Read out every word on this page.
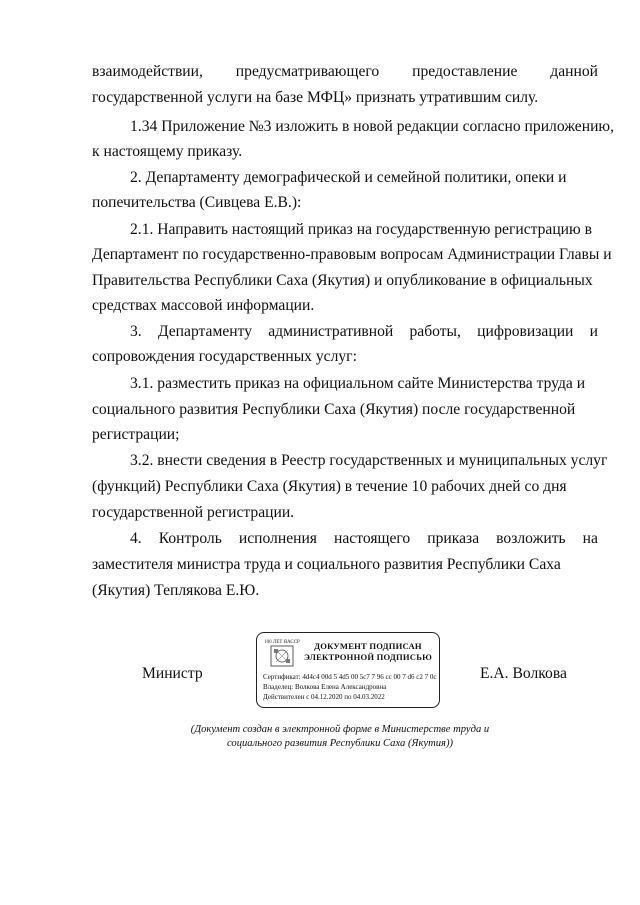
взаимодействии, предусматривающего предоставление данной
государственной услуги на базе МФЦ» признать утратившим силу.
1.34 Приложение №3 изложить в новой редакции согласно приложению,
к настоящему приказу.
2. Департаменту демографической и семейной политики, опеки и
попечительства (Сивцева Е.В.):
2.1. Направить настоящий приказ на государственную регистрацию в
Департамент по государственно-правовым вопросам Администрации Главы и
Правительства Республики Саха (Якутия) и опубликование в официальных
средствах массовой информации.
3. Департаменту административной работы, цифровизации и
сопровождения государственных услуг:
3.1. разместить приказ на официальном сайте Министерства труда и
социального развития Республики Саха (Якутия) после государственной
регистрации;
3.2. внести сведения в Реестр государственных и муниципальных услуг
(функций) Республики Саха (Якутия) в течение 10 рабочих дней со дня
государственной регистрации.
4. Контроль исполнения настоящего приказа возложить на
заместителя министра труда и социального развития Республики Саха
(Якутия) Теплякова Е.Ю.
Министр
100 ЛЕТ ЯАССР	ДОКУМЕНТ ПОДПИСАН
ЭЛЕКТРОННОЙ ПОДПИСЬЮ
Сертификат: 4d4c4 00d 5 4d5 00 5c7 7 96 cc 00 7 d6 c2 7 0c
Владелец: Волкова Елена Александровна
Действителен с 04.12.2020 по 04.03.2022
Е.А. Волкова
(Документ создан в электронной форме в Министерстве труда и
социального развития Республики Саха (Якутия))
